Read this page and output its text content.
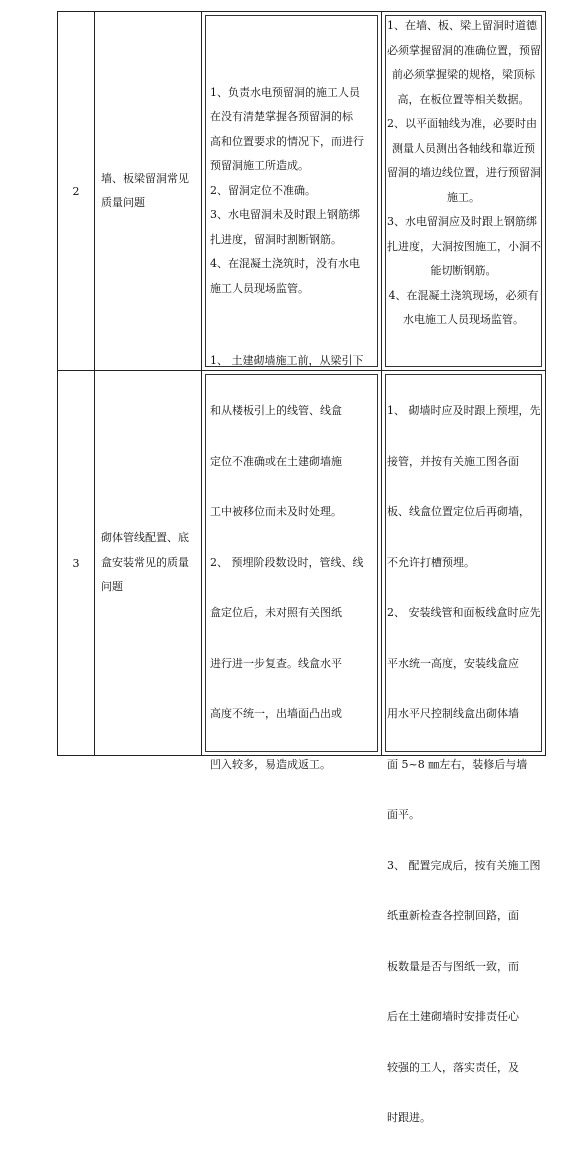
2
墙、板梁留洞常见
质量问题
1、负责水电预留洞的施工人员
在没有清楚掌握各预留洞的标
高和位置要求的情况下，而进行
预留洞施工所造成。
2、留洞定位不准确。
3、水电留洞未及时跟上钢筋绑
扎进度，留洞时割断钢筋。
4、在混凝土浇筑时，没有水电
施工人员现场监管。
1、在墙、板、梁上留洞时道德
必须掌握留洞的准确位置，预留
前必须掌握梁的规格，梁顶标
高，在板位置等相关数据。
2、以平面轴线为准，必要时由
测量人员测出各轴线和靠近预
留洞的墙边线位置，进行预留洞
施工。
3、水电留洞应及时跟上钢筋绑
扎进度，大洞按图施工，小洞不
能切断钢筋。
4、在混凝土浇筑现场，必须有
水电施工人员现场监管。
3
砌体管线配置、底
盒安装常见的质量
问题

1、 土建砌墙施工前，从梁引下

和从楼板引上的线管、线盒

定位不准确或在土建砌墙施

工中被移位而未及时处理。

2、 预埋阶段数设时，管线、线

盒定位后，未对照有关图纸

进行进一步复查。线盒水平

高度不统一，出墙面凸出或

凹入较多，易造成返工。

1、 砌墙时应及时跟上预埋，先

接管，并按有关施工图各面

板、线盒位置定位后再砌墙，

不允许打槽预埋。

2、 安装线管和面板线盒时应先

平水统一高度，安装线盒应

用水平尺控制线盒出砌体墙

面 5~8 ㎜左右，装修后与墙

面平。

3、 配置完成后，按有关施工图

纸重新检查各控制回路，面

板数量是否与图纸一致，而

后在土建砌墙时安排责任心

较强的工人，落实责任，及

时跟进。
